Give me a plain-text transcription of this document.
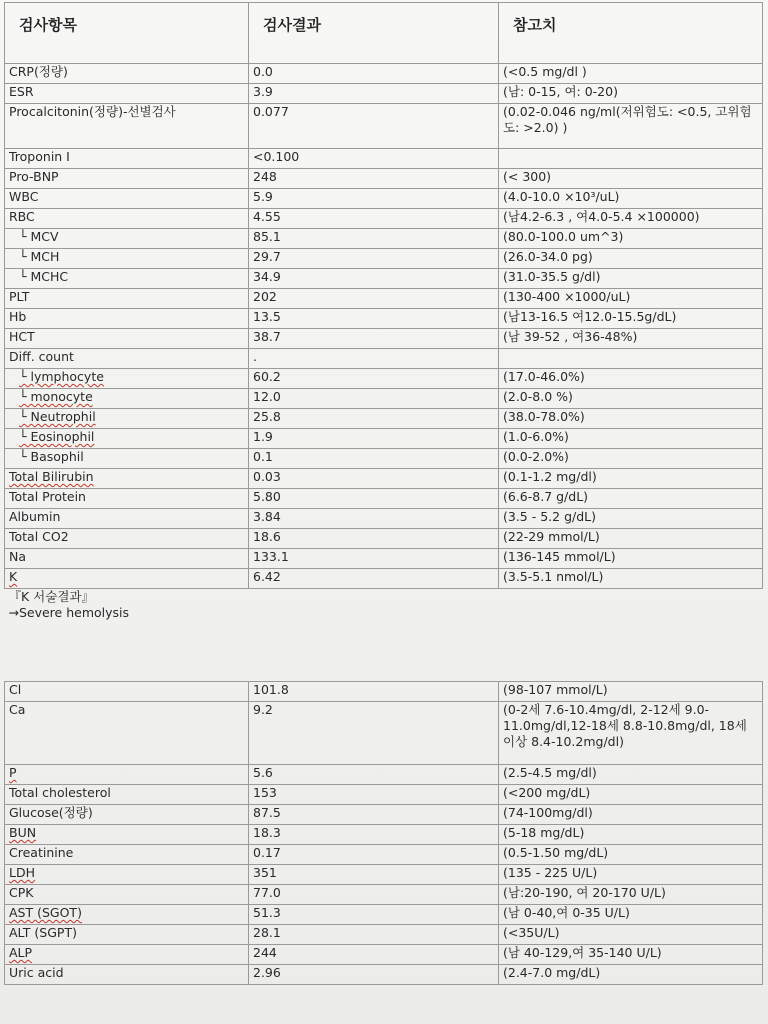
검사항목	검사결과	참고치
CRP(정량)	0.0	(<0.5 mg/dl )
ESR	3.9	(남: 0-15, 여: 0-20)
Procalcitonin(정량)-선별검사	0.077	(0.02-0.046 ng/ml(저위험도: <0.5, 고위험도: >2.0) )
Troponin I	<0.100	
Pro-BNP	248	(< 300)
WBC	5.9	(4.0-10.0 ×10³/uL)
RBC	4.55	(남4.2-6.3 , 여4.0-5.4 ×100000)
└ MCV	85.1	(80.0-100.0 um^3)
└ MCH	29.7	(26.0-34.0 pg)
└ MCHC	34.9	(31.0-35.5 g/dl)
PLT	202	(130-400 ×1000/uL)
Hb	13.5	(남13-16.5 여12.0-15.5g/dL)
HCT	38.7	(남 39-52 , 여36-48%)
Diff. count	.	
└ lymphocyte	60.2	(17.0-46.0%)
└ monocyte	12.0	(2.0-8.0 %)
└ Neutrophil	25.8	(38.0-78.0%)
└ Eosinophil	1.9	(1.0-6.0%)
└ Basophil	0.1	(0.0-2.0%)
Total Bilirubin	0.03	(0.1-1.2 mg/dl)
Total Protein	5.80	(6.6-8.7 g/dL)
Albumin	3.84	(3.5 - 5.2 g/dL)
Total CO2	18.6	(22-29 mmol/L)
Na	133.1	(136-145 mmol/L)
K	6.42	(3.5-5.1 nmol/L)

『K 서술결과』
→Severe hemolysis		

Cl	101.8	(98-107 mmol/L)
Ca	9.2	(0-2세 7.6-10.4mg/dl, 2-12세 9.0-11.0mg/dl,12-18세 8.8-10.8mg/dl, 18세 이상 8.4-10.2mg/dl)
P	5.6	(2.5-4.5 mg/dl)
Total cholesterol	153	(<200 mg/dL)
Glucose(정량)	87.5	(74-100mg/dl)
BUN	18.3	(5-18 mg/dL)
Creatinine	0.17	(0.5-1.50 mg/dL)
LDH	351	(135 - 225 U/L)
CPK	77.0	(남:20-190, 여 20-170 U/L)
AST (SGOT)	51.3	(남 0-40,여 0-35 U/L)
ALT (SGPT)	28.1	(<35U/L)
ALP	244	(남 40-129,여 35-140 U/L)
Uric acid	2.96	(2.4-7.0 mg/dL)
